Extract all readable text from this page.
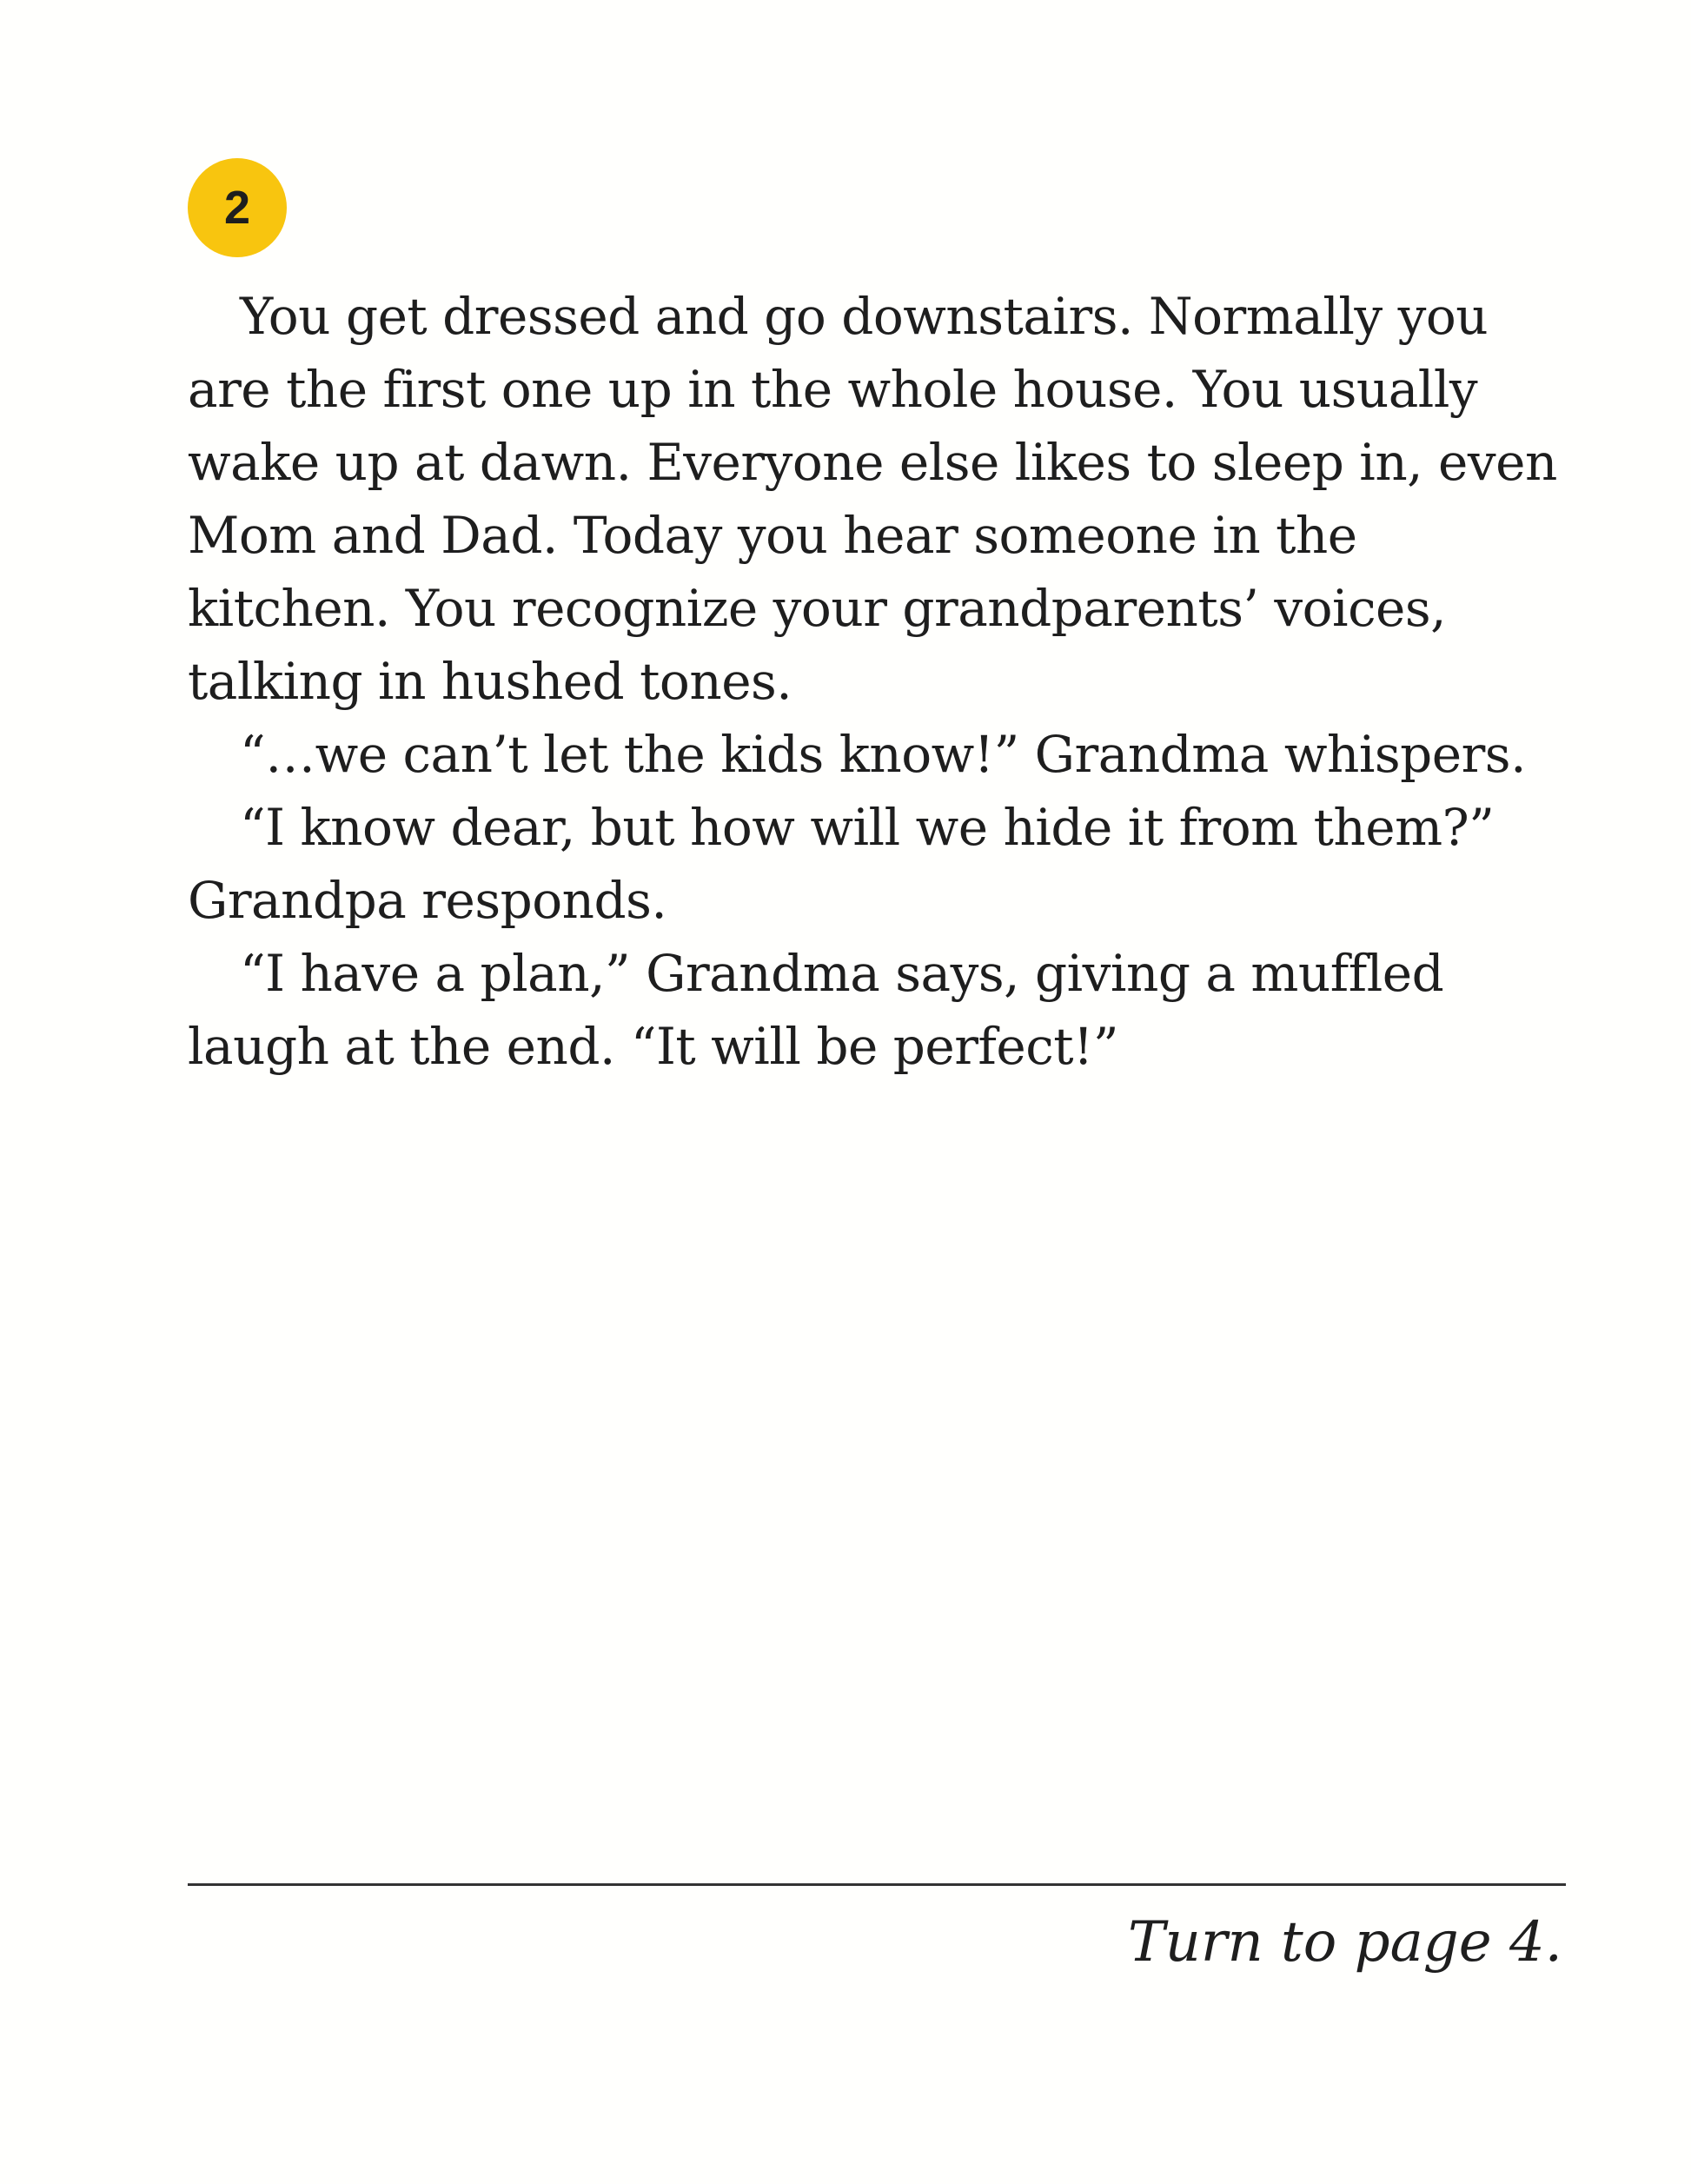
2

You get dressed and go downstairs. Normally you are the first one up in the whole house. You usually wake up at dawn. Everyone else likes to sleep in, even Mom and Dad. Today you hear someone in the kitchen. You recognize your grandparents’ voices, talking in hushed tones.

“…we can’t let the kids know!” Grandma whispers.

“I know dear, but how will we hide it from them?” Grandpa responds.

“I have a plan,” Grandma says, giving a muffled laugh at the end. “It will be perfect!”

Turn to page 4.
